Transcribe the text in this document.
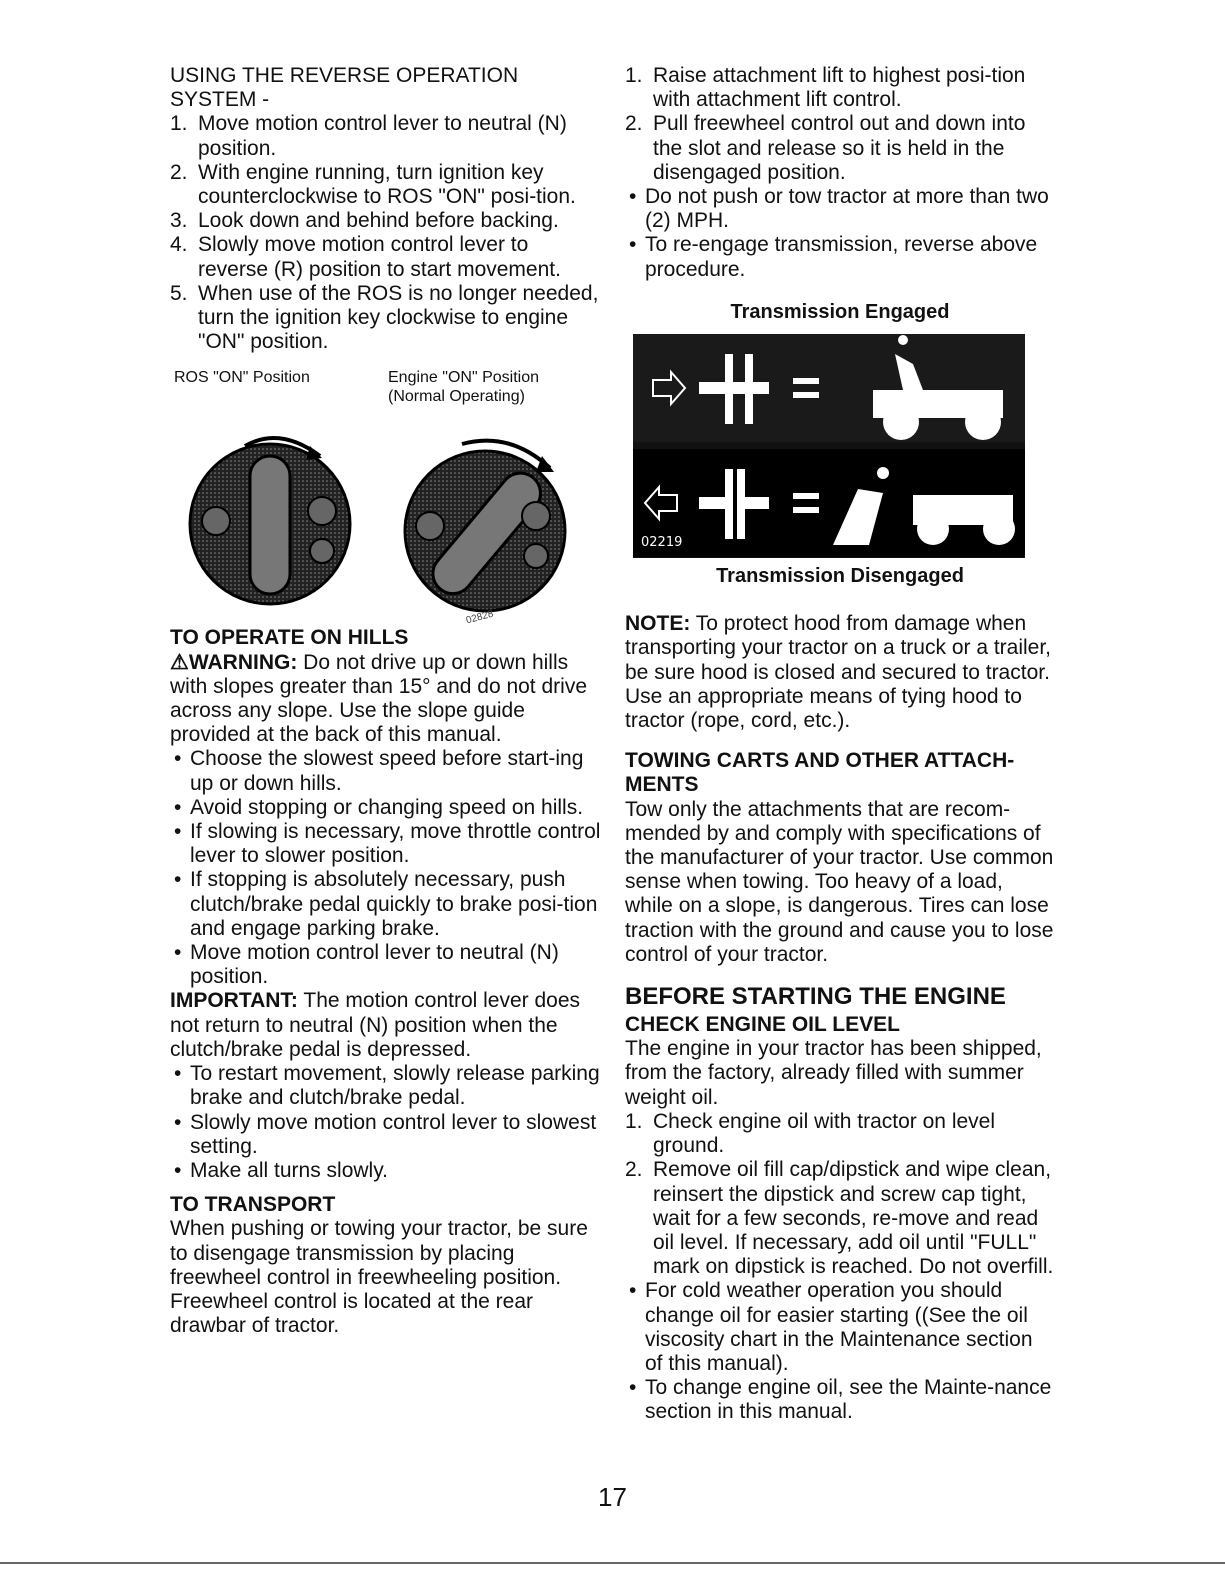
USING THE REVERSE OPERATION SYSTEM -

1. Move motion control lever to neutral (N) position.
2. With engine running, turn ignition key counterclockwise to ROS "ON" posi-tion.
3. Look down and behind before backing.
4. Slowly move motion control lever to reverse (R) position to start movement.
5. When use of the ROS is no longer needed, turn the ignition key clockwise to engine "ON" position.
ROS "ON" Position	Engine "ON" Position
(Normal Operating)
02828

TO OPERATE ON HILLS

⚠WARNING: Do not drive up or down hills with slopes greater than 15° and do not drive across any slope. Use the slope guide provided at the back of this manual.

• Choose the slowest speed before start-ing up or down hills.
• Avoid stopping or changing speed on hills.
• If slowing is necessary, move throttle control lever to slower position.
• If stopping is absolutely necessary, push clutch/brake pedal quickly to brake posi-tion and engage parking brake.
• Move motion control lever to neutral (N) position.

IMPORTANT: The motion control lever does not return to neutral (N) position when the clutch/brake pedal is depressed.

• To restart movement, slowly release parking brake and clutch/brake pedal.
• Slowly move motion control lever to slowest setting.
• Make all turns slowly.

TO TRANSPORT

When pushing or towing your tractor, be sure to disengage transmission by placing freewheel control in freewheeling position. Freewheel control is located at the rear drawbar of tractor.

1. Raise attachment lift to highest posi-tion with attachment lift control.
2. Pull freewheel control out and down into the slot and release so it is held in the disengaged position.
• Do not push or tow tractor at more than two (2) MPH.
• To re-engage transmission, reverse above procedure.

Transmission Engaged

02219

Transmission Disengaged

NOTE: To protect hood from damage when transporting your tractor on a truck or a trailer, be sure hood is closed and secured to tractor. Use an appropriate means of tying hood to tractor (rope, cord, etc.).

TOWING CARTS AND OTHER ATTACH-MENTS

Tow only the attachments that are recom-mended by and comply with specifications of the manufacturer of your tractor. Use common sense when towing. Too heavy of a load, while on a slope, is dangerous. Tires can lose traction with the ground and cause you to lose control of your tractor.

BEFORE STARTING THE ENGINE

CHECK ENGINE OIL LEVEL

The engine in your tractor has been shipped, from the factory, already filled with summer weight oil.

1. Check engine oil with tractor on level ground.
2. Remove oil fill cap/dipstick and wipe clean, reinsert the dipstick and screw cap tight, wait for a few seconds, re-move and read oil level. If necessary, add oil until "FULL" mark on dipstick is reached. Do not overfill.
• For cold weather operation you should change oil for easier starting ((See the oil viscosity chart in the Maintenance section of this manual).
• To change engine oil, see the Mainte-nance section in this manual.
17
